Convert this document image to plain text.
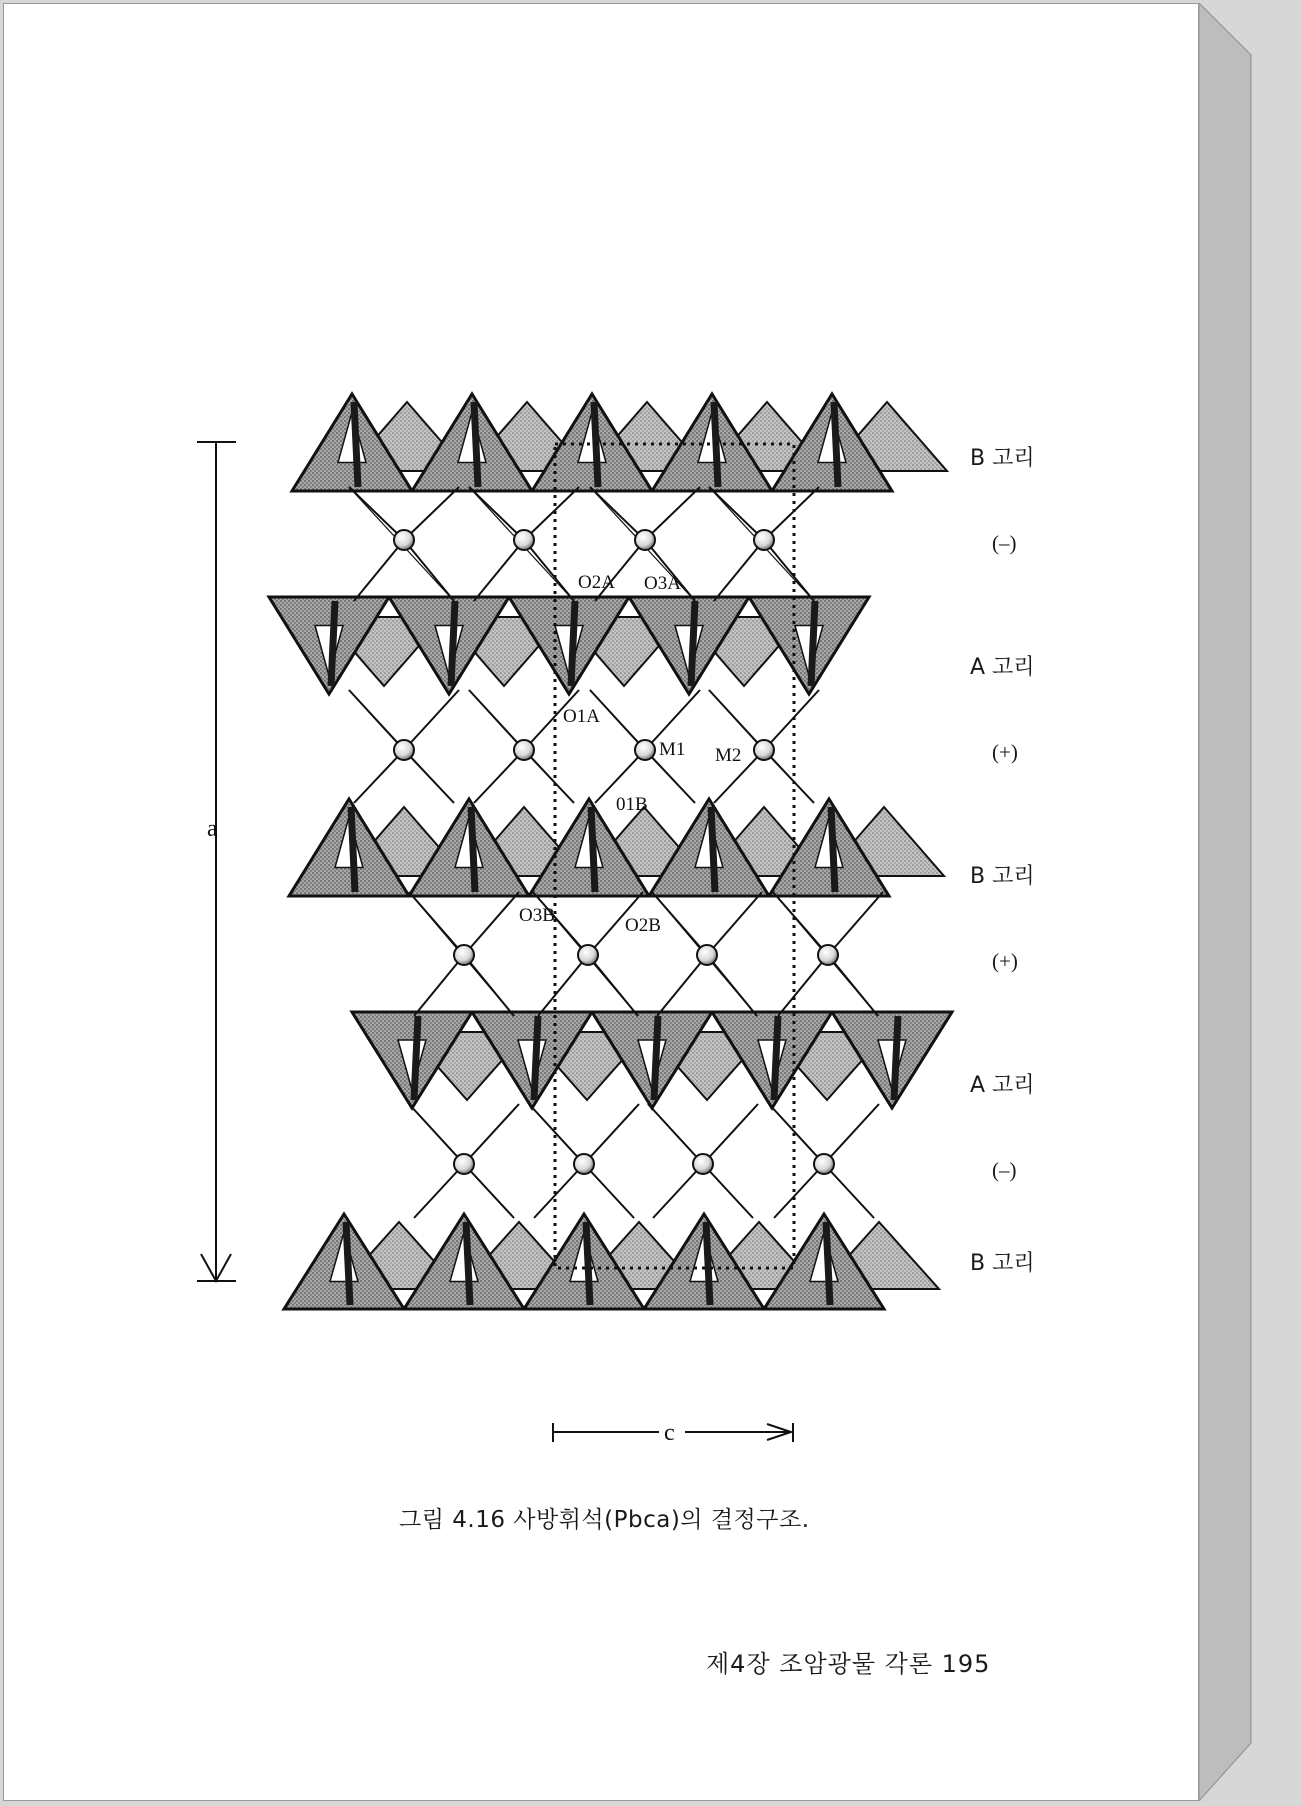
a
c
O2A O3A
O1A
M1 M2
01B
O3B	O2B
B 고리
(–)
A 고리
(+)
B 고리
(+)
A 고리
(–)
B 고리
그림 4.16 사방휘석(Pbca)의 결정구조.
제4장 조암광물 각론 195
